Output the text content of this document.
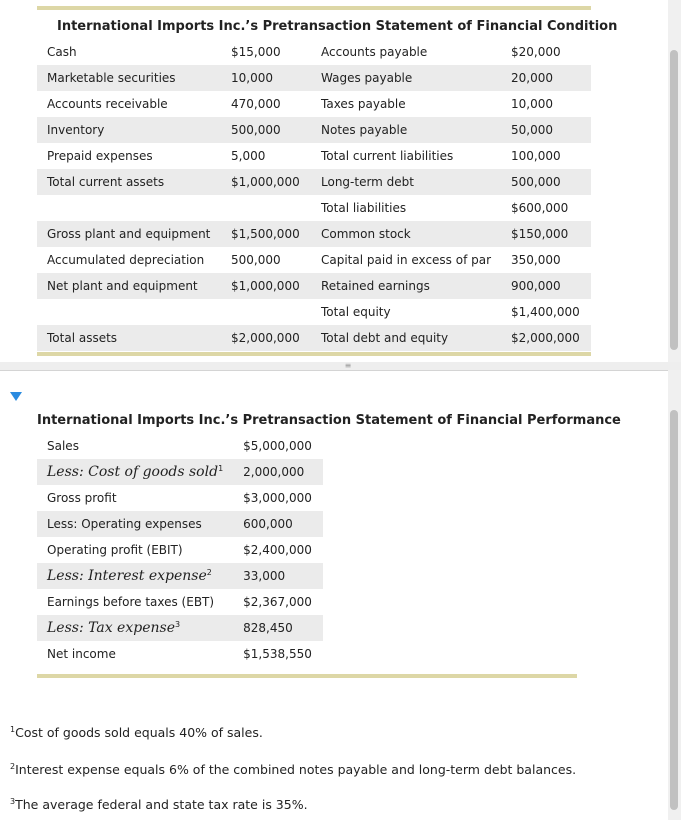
International Imports Inc.’s Pretransaction Statement of Financial Condition
Cash	$15,000	Accounts payable	$20,000
Marketable securities	10,000	Wages payable	20,000
Accounts receivable	470,000	Taxes payable	10,000
Inventory	500,000	Notes payable	50,000
Prepaid expenses	5,000	Total current liabilities	100,000
Total current assets	$1,000,000	Long-term debt	500,000
		Total liabilities	$600,000
Gross plant and equipment	$1,500,000	Common stock	$150,000
Accumulated depreciation	500,000	Capital paid in excess of par	350,000
Net plant and equipment	$1,000,000	Retained earnings	900,000
		Total equity	$1,400,000
Total assets	$2,000,000	Total debt and equity	$2,000,000
≡
International Imports Inc.’s Pretransaction Statement of Financial Performance
Sales	$5,000,000
Less: Cost of goods sold$^1$	2,000,000
Gross profit	$3,000,000
Less: Operating expenses	600,000
Operating profit (EBIT)	$2,400,000
Less: Interest expense$^2$	33,000
Earnings before taxes (EBT)	$2,367,000
Less: Tax expense$^3$	828,450
Net income	$1,538,550
$^1$Cost of goods sold equals 40% of sales.
$^2$Interest expense equals 6% of the combined notes payable and long-term debt balances.
$^3$The average federal and state tax rate is 35%.
